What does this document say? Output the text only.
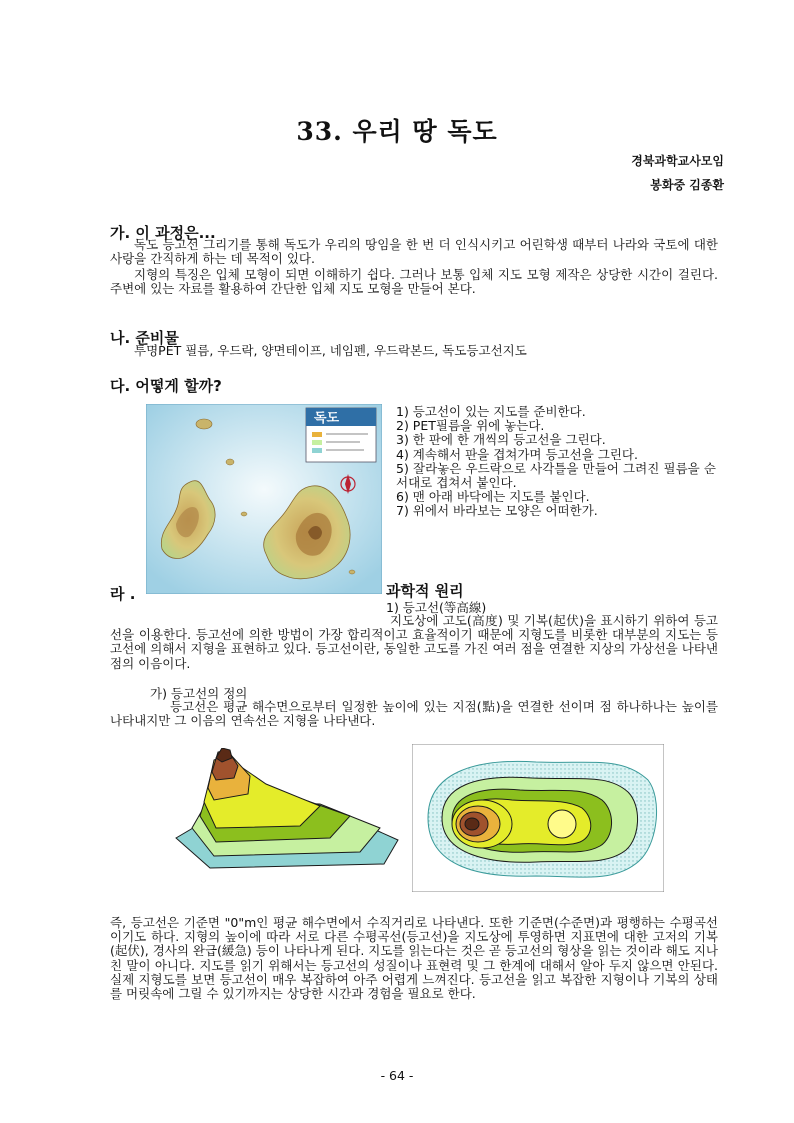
33. 우리 땅 독도
경북과학교사모임
봉화중 김종환
가. 이 과정은...
독도 등고선 그리기를 통해 독도가 우리의 땅임을 한 번 더 인식시키고 어린학생 때부터 나라와 국토에 대한 사랑을 간직하게 하는 데 목적이 있다.
지형의 특징은 입체 모형이 되면 이해하기 쉽다. 그러나 보통 입체 지도 모형 제작은 상당한 시간이 걸린다. 주변에 있는 자료를 활용하여 간단한 입체 지도 모형을 만들어 본다.
나. 준비물
투명PET 필름, 우드락, 양면테이프, 네임펜, 우드락본드, 독도등고선지도
다. 어떻게 할까?
독도	1) 등고선이 있는 지도를 준비한다.
2) PET필름을 위에 놓는다.
3) 한 판에 한 개씩의 등고선을 그린다.
4) 계속해서 판을 겹쳐가며 등고선을 그린다.
5) 잘라놓은 우드락으로 사각틀을 만들어 그려진 필름을 순서대로 겹쳐서 붙인다.
6) 맨 아래 바닥에는 지도를 붙인다.
7) 위에서 바라보는 모양은 어떠한가.
라 .	과학적 원리
1) 등고선(等高線)
지도상에 고도(高度) 및 기복(起伏)을 표시하기 위하여 등고선을 이용한다. 등고선에 의한 방법이 가장 합리적이고 효율적이기 때문에 지형도를 비롯한 대부분의 지도는 등고선에 의해서 지형을 표현하고 있다. 등고선이란, 동일한 고도를 가진 여러 점을 연결한 지상의 가상선을 나타낸 점의 이음이다.
가) 등고선의 정의
등고선은 평균 해수면으로부터 일정한 높이에 있는 지점(點)을 연결한 선이며 점 하나하나는 높이를 나타내지만 그 이음의 연속선은 지형을 나타낸다.
즉, 등고선은 기준면 "0"m인 평균 해수면에서 수직거리로 나타낸다. 또한 기준면(수준면)과 평행하는 수평곡선이기도 하다. 지형의 높이에 따라 서로 다른 수평곡선(등고선)을 지도상에 투영하면 지표면에 대한 고저의 기복(起伏), 경사의 완급(緩急) 등이 나타나게 된다. 지도를 읽는다는 것은 곧 등고선의 형상을 읽는 것이라 해도 지나친 말이 아니다. 지도를 읽기 위해서는 등고선의 성질이나 표현력 및 그 한계에 대해서 알아 두지 않으면 안된다. 실제 지형도를 보면 등고선이 매우 복잡하여 아주 어렵게 느껴진다. 등고선을 읽고 복잡한 지형이나 기복의 상태를 머릿속에 그릴 수 있기까지는 상당한 시간과 경험을 필요로 한다.
- 64 -
